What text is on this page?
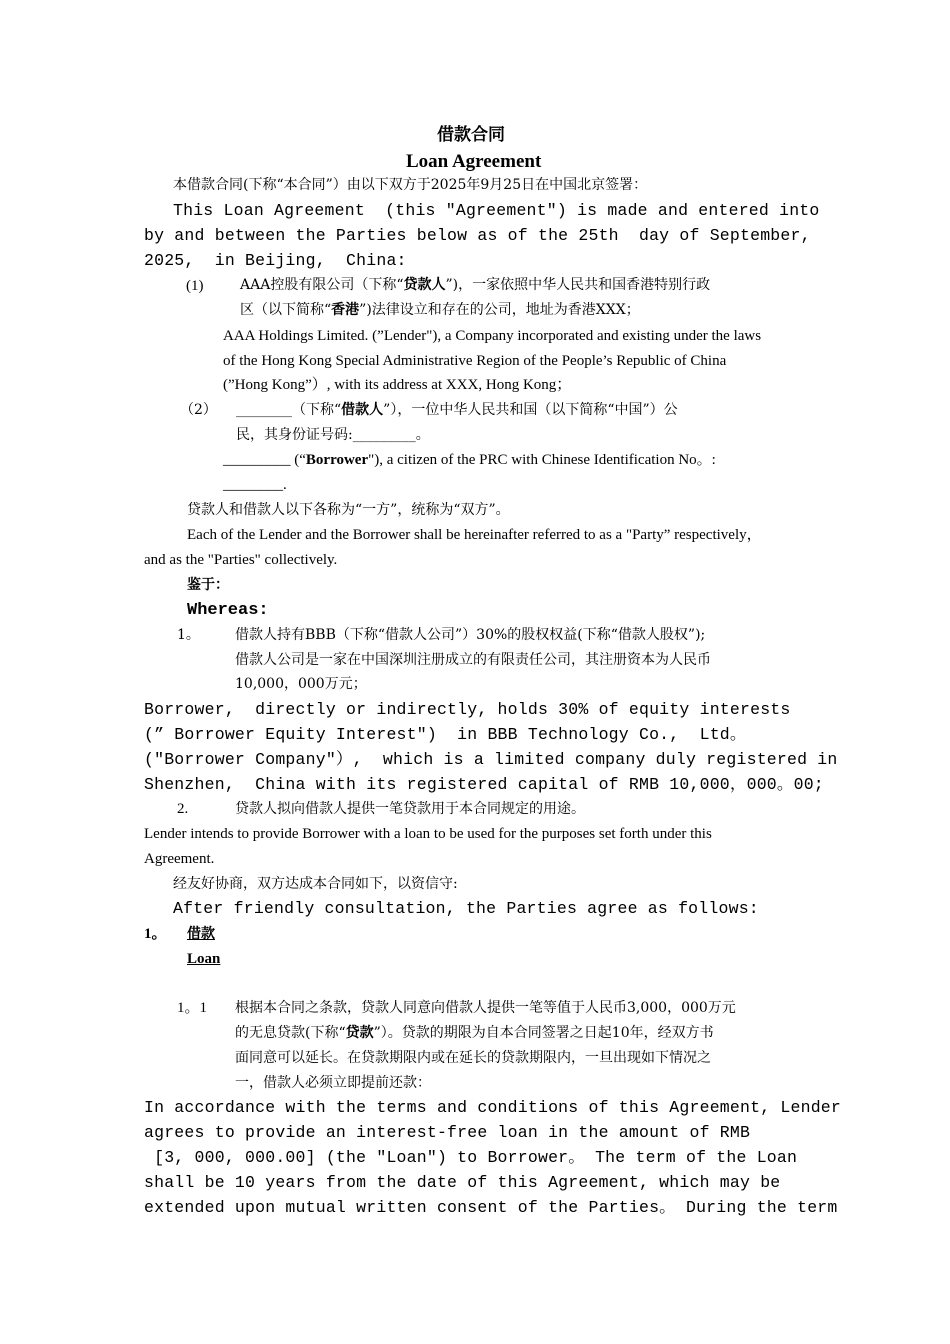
借款合同
Loan Agreement
本借款合同(下称“本合同”）由以下双方于2025年9月25日在中国北京签署：
This Loan Agreement  (this "Agreement") is made and entered into
by and between the Parties below as of the 25th  day of September,
2025,  in Beijing,  China:
(1)	AAA控股有限公司（下称“贷款人”)，一家依照中华人民共和国香港特别行政
区（以下简称“香港”)法律设立和存在的公司，地址为香港XXX；
AAA Holdings Limited. (”Lender"), a Company incorporated and existing under the laws
of the Hong Kong Special Administrative Region of the People’s Republic of China
(”Hong Kong”）, with its address at XXX, Hong Kong；
（2） ________（下称“借款人”），一位中华人民共和国（以下简称“中国”）公
民，其身份证号码:_________。
_________ (“Borrower"), a citizen of the PRC with Chinese Identification No。:
________.
贷款人和借款人以下各称为“一方”，统称为“双方”。
Each of the Lender and the Borrower shall be hereinafter referred to as a "Party” respectively，
and as the "Parties" collectively.
鉴于：
Whereas:
1。	借款人持有BBB（下称“借款人公司”）30%的股权权益(下称“借款人股权”);
借款人公司是一家在中国深圳注册成立的有限责任公司，其注册资本为人民币
10,000，000万元；
Borrower,  directly or indirectly, holds 30% of equity interests
(” Borrower Equity Interest")  in BBB Technology Co.,  Ltd。
("Borrower Company"）,  which is a limited company duly registered in
Shenzhen,  China with its registered capital of RMB 10,000，000。00;
2.	贷款人拟向借款人提供一笔贷款用于本合同规定的用途。
Lender intends to provide Borrower with a loan to be used for the purposes set forth under this
Agreement.
经友好协商，双方达成本合同如下，以资信守:
After friendly consultation, the Parties agree as follows:
1。 借款
Loan
1。1 根据本合同之条款，贷款人同意向借款人提供一笔等值于人民币3,000，000万元
的无息贷款(下称“贷款”）。贷款的期限为自本合同签署之日起10年，经双方书
面同意可以延长。在贷款期限内或在延长的贷款期限内，一旦出现如下情况之
一，借款人必须立即提前还款：
In accordance with the terms and conditions of this Agreement, Lender
agrees to provide an interest-free loan in the amount of RMB
[3, 000, 000.00] (the "Loan") to Borrower。 The term of the Loan
shall be 10 years from the date of this Agreement, which may be
extended upon mutual written consent of the Parties。 During the term
